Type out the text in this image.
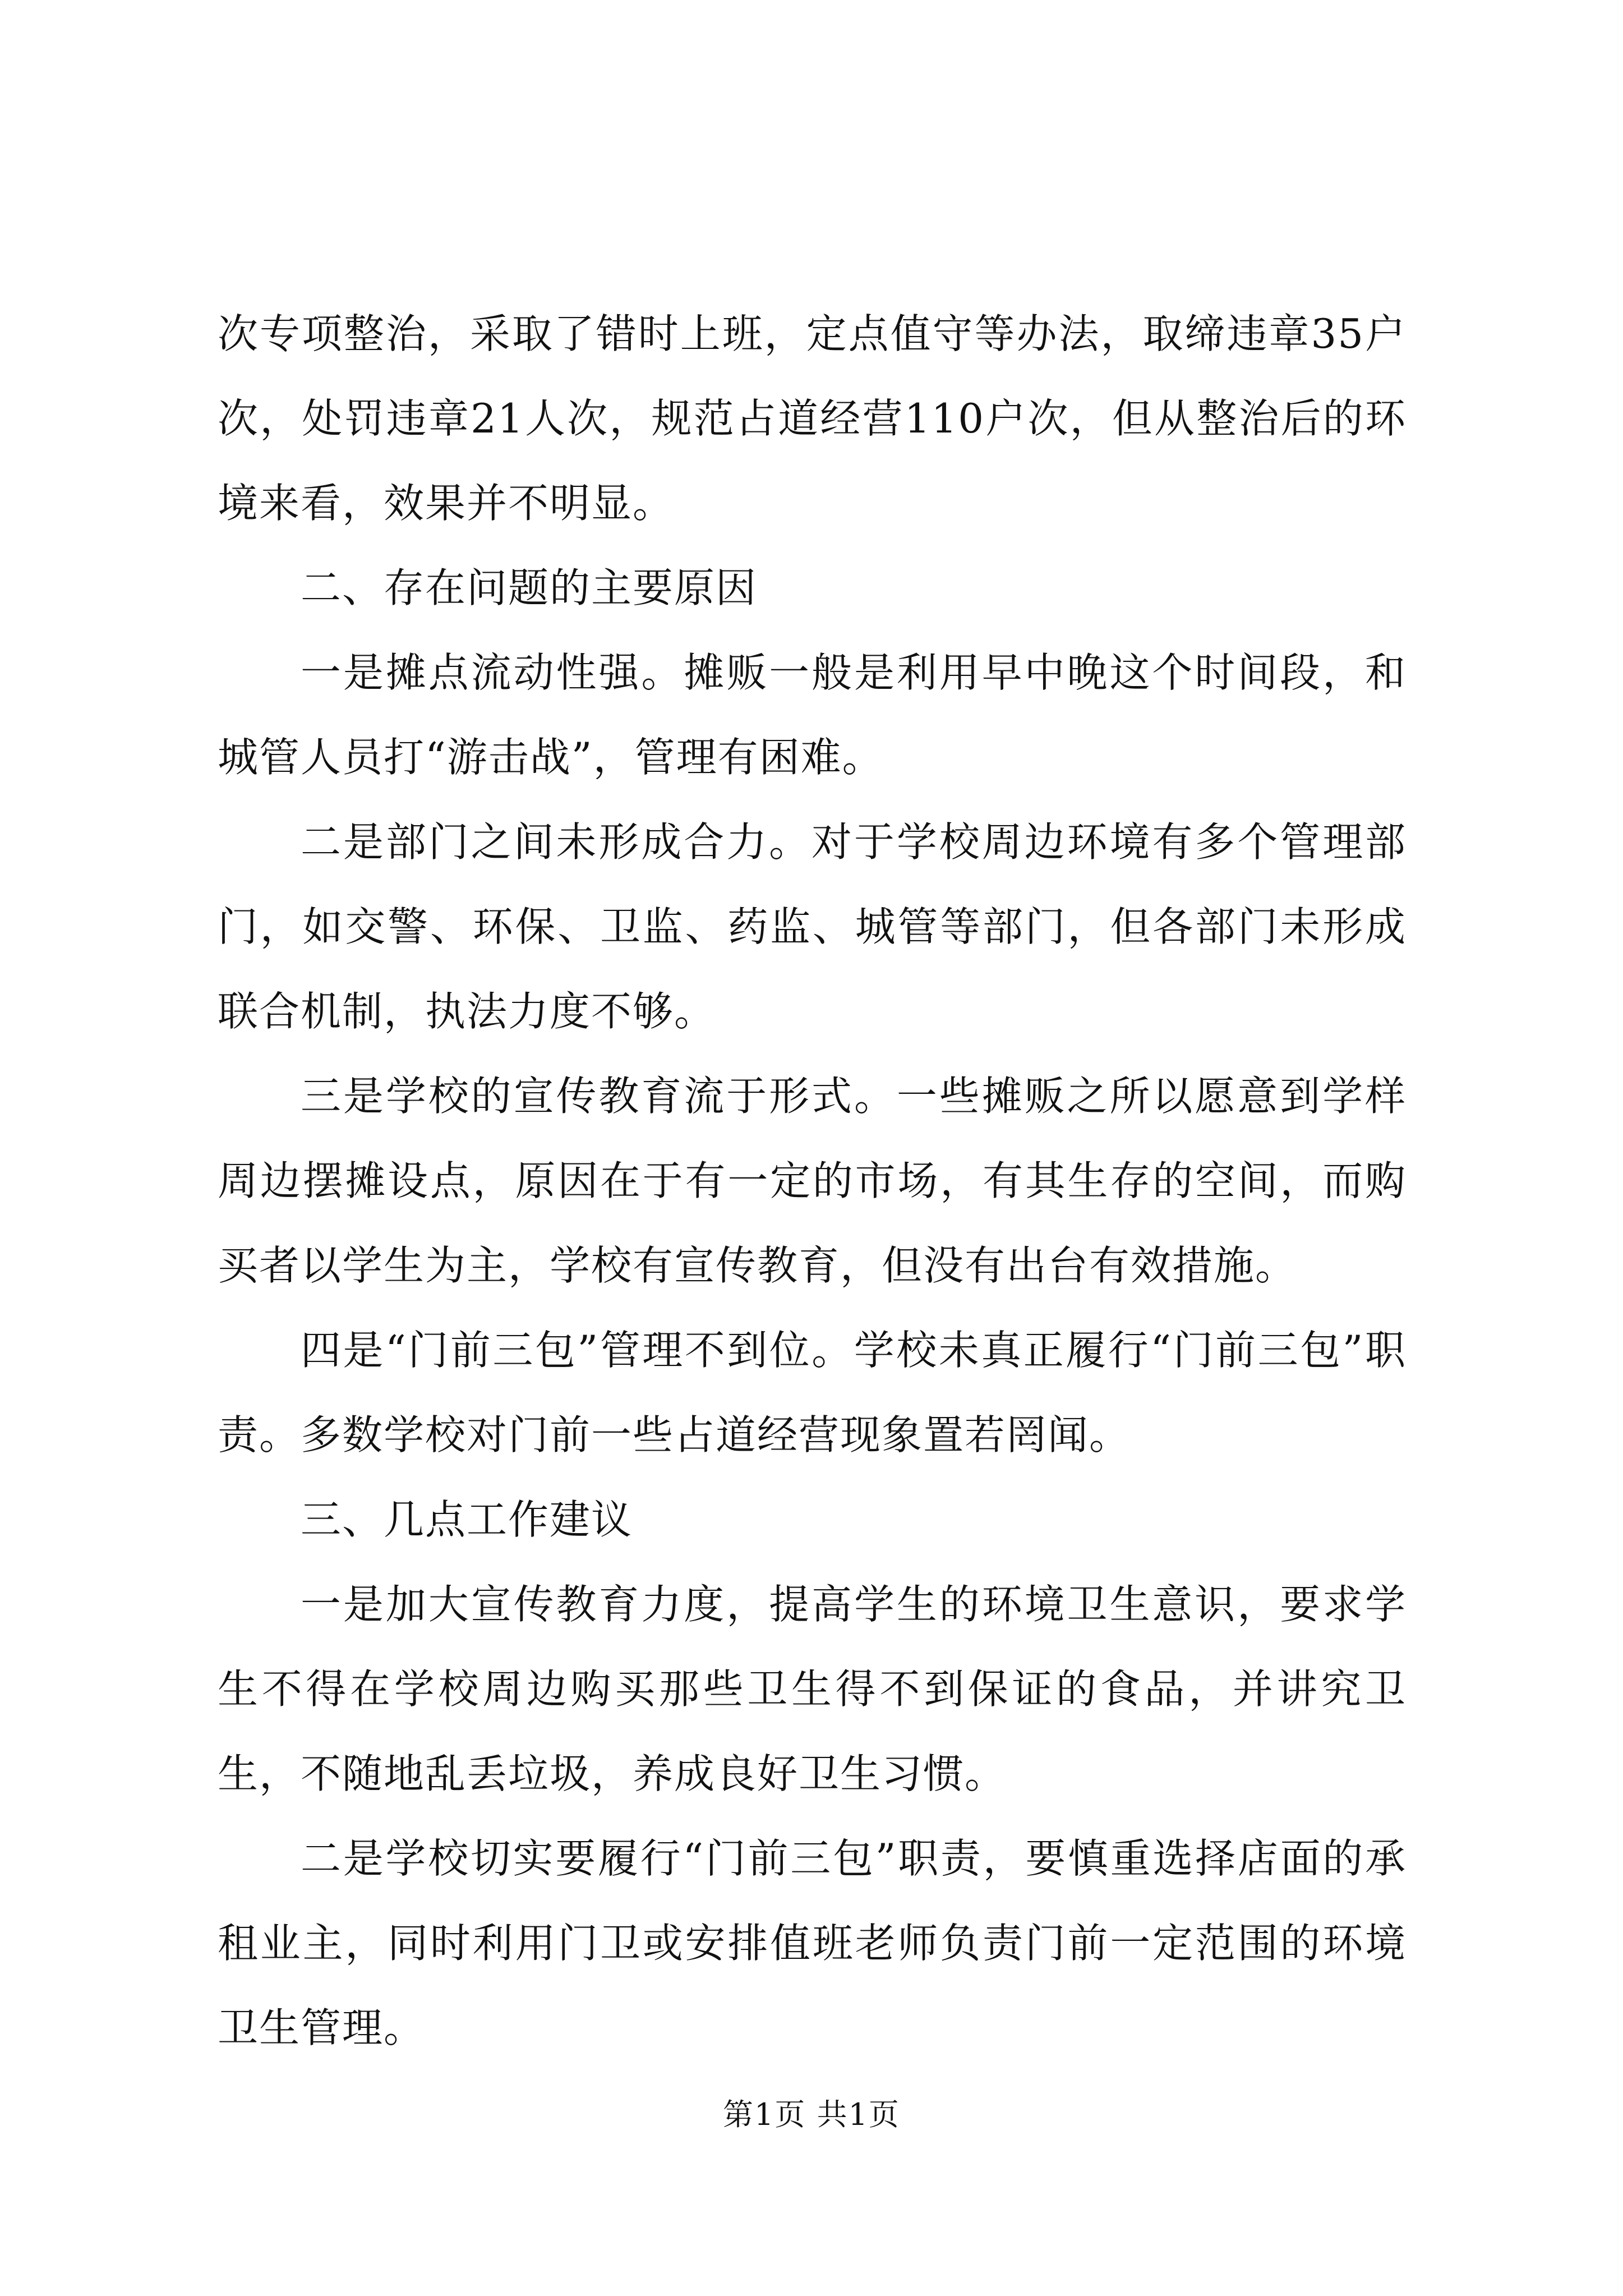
次专项整治，采取了错时上班，定点值守等办法，取缔违章35户次，处罚违章21人次，规范占道经营110户次，但从整治后的环境来看，效果并不明显。

二、存在问题的主要原因

一是摊点流动性强。摊贩一般是利用早中晚这个时间段，和城管人员打“游击战”，管理有困难。

二是部门之间未形成合力。对于学校周边环境有多个管理部门，如交警、环保、卫监、药监、城管等部门，但各部门未形成联合机制，执法力度不够。

三是学校的宣传教育流于形式。一些摊贩之所以愿意到学样周边摆摊设点，原因在于有一定的市场，有其生存的空间，而购买者以学生为主，学校有宣传教育，但没有出台有效措施。

四是“门前三包”管理不到位。学校未真正履行“门前三包”职责。多数学校对门前一些占道经营现象置若罔闻。

三、几点工作建议

一是加大宣传教育力度，提高学生的环境卫生意识，要求学生不得在学校周边购买那些卫生得不到保证的食品，并讲究卫生，不随地乱丢垃圾，养成良好卫生习惯。

二是学校切实要履行“门前三包”职责，要慎重选择店面的承租业主，同时利用门卫或安排值班老师负责门前一定范围的环境卫生管理。

第1页 共1页
